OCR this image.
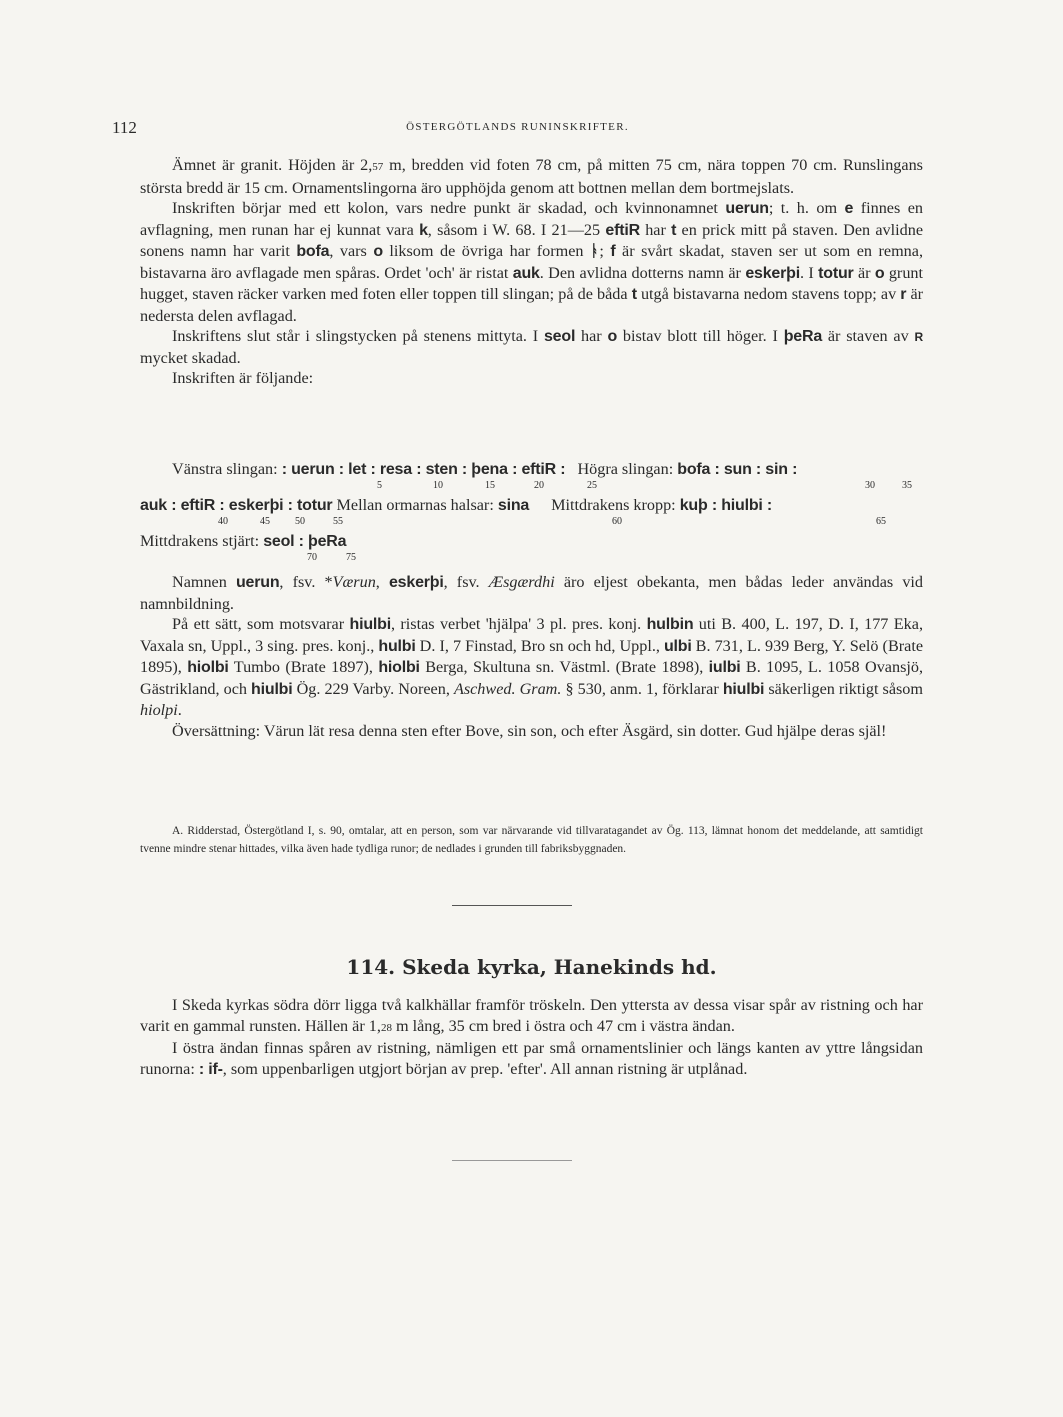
112	ÖSTERGÖTLANDS RUNINSKRIFTER.

Ämnet är granit. Höjden är 2,57 m, bredden vid foten 78 cm, på mitten 75 cm, nära toppen 70 cm. Runslingans största bredd är 15 cm. Ornamentslingorna äro upphöjda genom att bottnen mellan dem bortmejslats.

Inskriften börjar med ett kolon, vars nedre punkt är skadad, och kvinnonamnet uerun; t. h. om e finnes en avflagning, men runan har ej kunnat vara k, såsom i W. 68. I 21—25 eftiR har t en prick mitt på staven. Den avlidne sonens namn har varit bofa, vars o liksom de övriga har formen ᚭ; f är svårt skadat, staven ser ut som en remna, bistavarna äro avflagade men spåras. Ordet 'och' är ristat auk. Den avlidna dotterns namn är eskerþi. I totur är o grunt hugget, staven räcker varken med foten eller toppen till slingan; på de båda t utgå bistavarna nedom stavens topp; av r är nedersta delen avflagad.

Inskriftens slut står i slingstycken på stenens mittyta. I seol har o bistav blott till höger. I þeRa är staven av R mycket skadad.

Inskriften är följande:

Vänstra slingan: : uerun : let : resa : sten : þena : eftiR : Högra slingan: bofa : sun : sin :
5	10	15	20	25	30	35
auk : eftiR : eskerþi : totur Mellan ormarnas halsar: sina Mittdrakens kropp: kuþ : hiulbi :
40	45	50	55	60	65
Mittdrakens stjärt: seol : þeRa
70	75

Namnen uerun, fsv. *Værun, eskerþi, fsv. Æsgærdhi äro eljest obekanta, men bådas leder användas vid namnbildning.

På ett sätt, som motsvarar hiulbi, ristas verbet 'hjälpa' 3 pl. pres. konj. hulbin uti B. 400, L. 197, D. I, 177 Eka, Vaxala sn, Uppl., 3 sing. pres. konj., hulbi D. I, 7 Finstad, Bro sn och hd, Uppl., ulbi B. 731, L. 939 Berg, Y. Selö (Brate 1895), hiolbi Tumbo (Brate 1897), hiolbi Berga, Skultuna sn. Västml. (Brate 1898), iulbi B. 1095, L. 1058 Ovansjö, Gästrikland, och hiulbi Ög. 229 Varby. Noreen, Aschwed. Gram. § 530, anm. 1, förklarar hiulbi säkerligen riktigt såsom hiolpi.

Översättning: Värun lät resa denna sten efter Bove, sin son, och efter Äsgärd, sin dotter. Gud hjälpe deras själ!

A. Ridderstad, Östergötland I, s. 90, omtalar, att en person, som var närvarande vid tillvaratagandet av Ög. 113, lämnat honom det meddelande, att samtidigt tvenne mindre stenar hittades, vilka även hade tydliga runor; de nedlades i grunden till fabriksbyggnaden.

114. Skeda kyrka, Hanekinds hd.

I Skeda kyrkas södra dörr ligga två kalkhällar framför tröskeln. Den yttersta av dessa visar spår av ristning och har varit en gammal runsten. Hällen är 1,28 m lång, 35 cm bred i östra och 47 cm i västra ändan.

I östra ändan finnas spåren av ristning, nämligen ett par små ornamentslinier och längs kanten av yttre långsidan runorna: : if-, som uppenbarligen utgjort början av prep. 'efter'. All annan ristning är utplånad.
